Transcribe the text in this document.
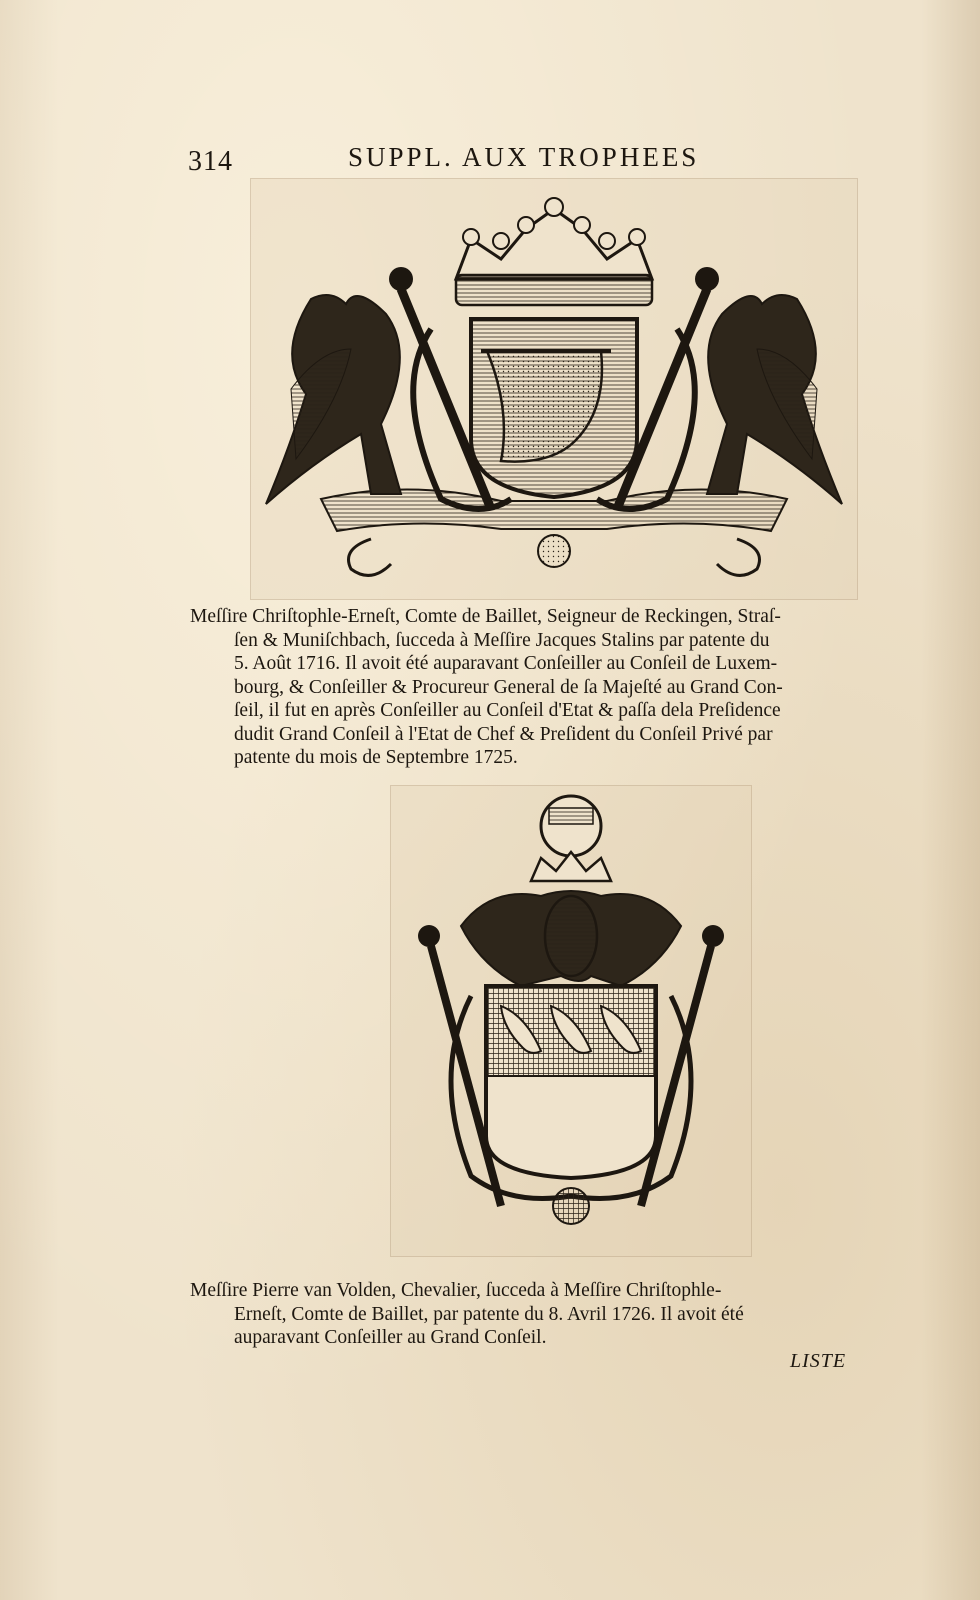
314	SUPPL. AUX TROPHEES
Meſſire Chriſtophle-Erneſt, Comte de Baillet, Seigneur de Reckingen, Straſ-
ſen & Muniſchbach, ſucceda à Meſſire Jacques Stalins par patente du
5. Août 1716. Il avoit été auparavant Conſeiller au Conſeil de Luxem-
bourg, & Conſeiller & Procureur General de ſa Majeſté au Grand Con-
ſeil, il fut en après Conſeiller au Conſeil d'Etat & paſſa dela Preſidence
dudit Grand Conſeil à l'Etat de Chef & Preſident du Conſeil Privé par
patente du mois de Septembre 1725.
Meſſire Pierre van Volden, Chevalier, ſucceda à Meſſire Chriſtophle-
Erneſt, Comte de Baillet, par patente du 8. Avril 1726. Il avoit été
auparavant Conſeiller au Grand Conſeil.
LISTE
